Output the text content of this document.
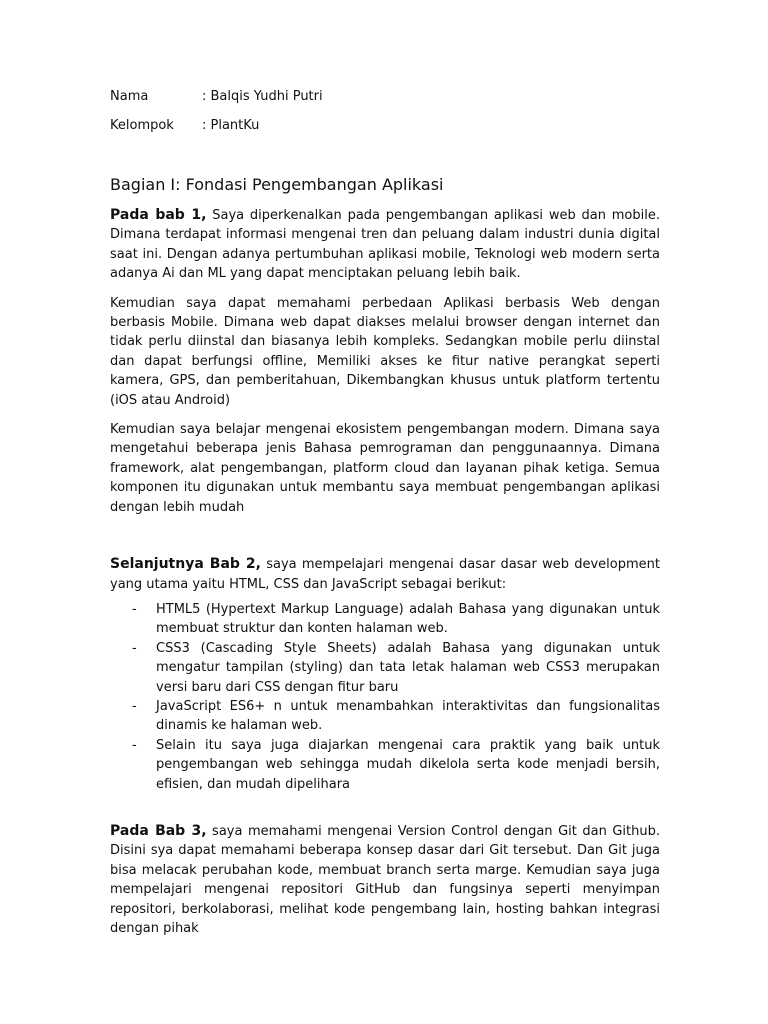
Nama	: Balqis Yudhi Putri
Kelompok	: PlantKu
Bagian I: Fondasi Pengembangan Aplikasi

Pada bab 1, Saya diperkenalkan pada pengembangan aplikasi web dan mobile. Dimana terdapat informasi mengenai tren dan peluang dalam industri dunia digital saat ini. Dengan adanya pertumbuhan aplikasi mobile, Teknologi web modern serta adanya Ai dan ML yang dapat menciptakan peluang lebih baik.

Kemudian saya dapat memahami perbedaan Aplikasi berbasis Web dengan berbasis Mobile. Dimana web dapat diakses melalui browser dengan internet dan tidak perlu diinstal dan biasanya lebih kompleks. Sedangkan mobile perlu diinstal dan dapat berfungsi offline, Memiliki akses ke fitur native perangkat seperti kamera, GPS, dan pemberitahuan, Dikembangkan khusus untuk platform tertentu (iOS atau Android)

Kemudian saya belajar mengenai ekosistem pengembangan modern. Dimana saya mengetahui beberapa jenis Bahasa pemrograman dan penggunaannya. Dimana framework, alat pengembangan, platform cloud dan layanan pihak ketiga. Semua komponen itu digunakan untuk membantu saya membuat pengembangan aplikasi dengan lebih mudah

Selanjutnya Bab 2, saya mempelajari mengenai dasar dasar web development yang utama yaitu HTML, CSS dan JavaScript sebagai berikut:

-	HTML5 (Hypertext Markup Language) adalah Bahasa yang digunakan untuk membuat struktur dan konten halaman web.
-	CSS3 (Cascading Style Sheets) adalah Bahasa yang digunakan untuk mengatur tampilan (styling) dan tata letak halaman web CSS3 merupakan versi baru dari CSS dengan fitur baru
-	JavaScript ES6+ n untuk menambahkan interaktivitas dan fungsionalitas dinamis ke halaman web.
-	Selain itu saya juga diajarkan mengenai cara praktik yang baik untuk pengembangan web sehingga mudah dikelola serta kode menjadi bersih, efisien, dan mudah dipelihara

Pada Bab 3, saya memahami mengenai Version Control dengan Git dan Github. Disini sya dapat memahami beberapa konsep dasar dari Git tersebut. Dan Git juga bisa melacak perubahan kode, membuat branch serta marge. Kemudian saya juga mempelajari mengenai repositori GitHub dan fungsinya seperti menyimpan repositori, berkolaborasi, melihat kode pengembang lain, hosting bahkan integrasi dengan pihak
